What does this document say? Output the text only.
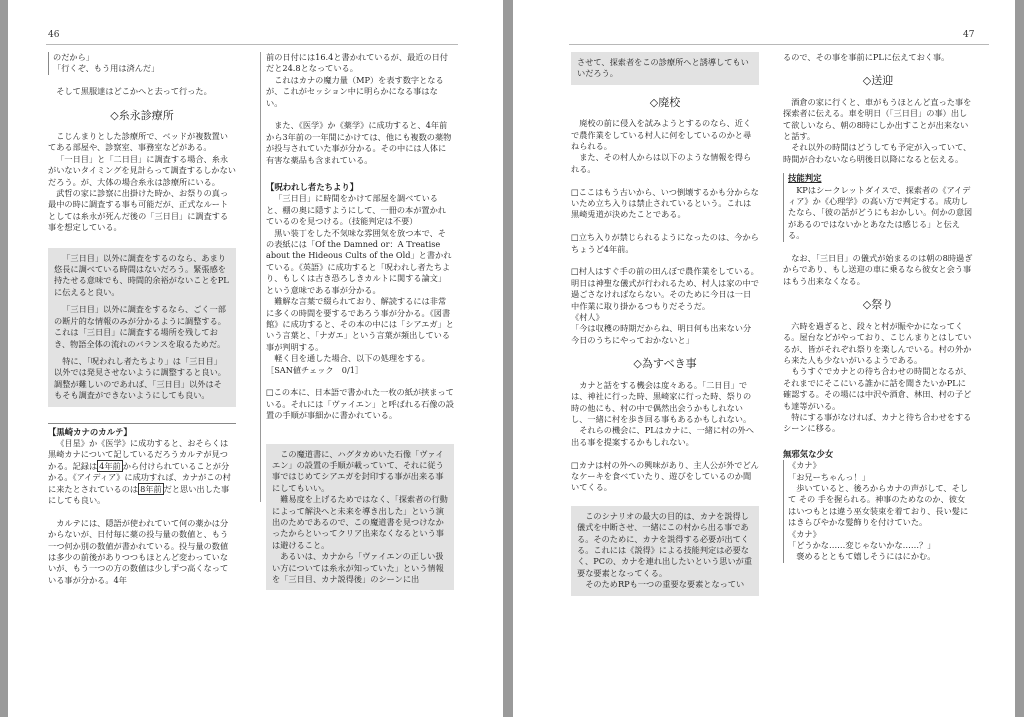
46

のだから」

「行くぞ、もう用は済んだ」

そして黒服達はどこかへと去って行った。

◇糸永診療所

こじんまりとした診療所で、ベッドが複数置いてある部屋や、診察室、事務室などがある。

「一日目」と「二日目」に調査する場合、糸永がいないタイミングを見計らって調査するしかないだろう。が、大体の場合糸永は診療所にいる。

武哲の家に診察に出掛けた時か、お祭りの真っ最中の時に調査する事も可能だが、正式なルートとしては糸永が死んだ後の「三日目」に調査する事を想定している。

「三日目」以外に調査をするのなら、あまり悠長に調べている時間はないだろう。緊張感を持たせる意味でも、時間的余裕がないことをPLに伝えると良い。

「三日目」以外に調査をするなら、ごく一部の断片的な情報のみが分かるように調整する。これは「三日目」に調査する場所を残しておき、物語全体の流れのバランスを取るためだ。

特に、「呪われし者たちより」は「三日目」以外では発見させないように調整すると良い。調整が難しいのであれば、「三日目」以外はそもそも調査ができないようにしても良い。

【黒崎カナのカルテ】

《目星》か《医学》に成功すると、おそらくは黒崎カナについて記しているだろうカルテが見つかる。記録は 4年前 から付けられていることが分かる。《アイディア》に成功すれば、カナがこの村に来たとされているのは 8年前 だと思い出した事にしても良い。

カルテには、隠語が使われていて何の薬かは分からないが、日付毎に薬の投与量の数値と、もう一つ何か別の数値が書かれている。投与量の数値は多少の前後がありつつもほとんど変わっていないが、もう一つの方の数値は少しずつ高くなっている事が分かる。4年

前の日付には16.4と書かれているが、最近の日付だと24.8となっている。

これはカナの魔力量（MP）を表す数字となるが、これがセッション中に明らかになる事はない。

また、《医学》か《薬学》に成功すると、4年前から3年前の一年間にかけては、他にも複数の薬物が投与されていた事が分かる。その中には人体に有害な薬品も含まれている。

【呪われし者たちより】

「三日目」に時間をかけて部屋を調べていると、棚の奥に隠すようにして、一冊の本が置かれているのを見つける。（技能判定は不要）

黒い装丁をした不気味な雰囲気を放つ本で、その表紙には「Of the Damned or：A Treatise about the Hideous Cults of the Old」と書かれている。《英語》に成功すると「呪われし者たちより、もしくは古き恐ろしきカルトに関する論文」という意味である事が分かる。

難解な言葉で綴られており、解読するには非常に多くの時間を要するであろう事が分かる。《図書館》に成功すると、その本の中には「シアエガ」という言葉と、「ナガエ」という言葉が頻出している事が判明する。

軽く目を通した場合、以下の処理をする。

［SAN値チェック　0/1］

□この本に、日本語で書かれた一枚の紙が挟まっている。それには「ヴァイエン」と呼ばれる石像の設置の手順が事細かに書かれている。

この魔道書に、ハグタカめいた石像「ヴァイエン」の設置の手順が載っていて、それに従う事ではじめてシアエガを封印する事が出来る事にしてもいい。

難易度を上げるためではなく、「探索者の行動によって解決へと未来を導き出した」という演出のためであるので、この魔道書を見つけなかったからといってクリア出来なくなるという事は避けること。

あるいは、カナから「ヴァイエンの正しい扱い方については糸永が知っていた」という情報を「三日目、カナ説得後」のシーンに出

47

させて、探索者をこの診療所へと誘導してもいいだろう。

◇廃校

廃校の前に侵入を試みようとするのなら、近くで農作業をしている村人に何をしているのかと尋ねられる。

また、その村人からは以下のような情報を得られる。

□ここはもう古いから、いつ倒壊するかも分からないため立ち入りは禁止されているという。これは黒崎兎道が決めたことである。

□立ち入りが禁じられるようになったのは、今からちょうど4年前。

□村人はすぐ手の前の田んぼで農作業をしている。明日は神聖な儀式が行われるため、村人は家の中で過ごさなければならない。そのために今日は一日中作業に取り掛かるつもりだそうだ。

《村人》

「今は収穫の時期だからね、明日何も出来ない分今日のうちにやっておかないと」

◇為すべき事

カナと話をする機会は度々ある。「二日目」では、神社に行った時、黒崎家に行った時、祭りの時の他にも、村の中で偶然出会うかもしれないし、一緒に村を歩き回る事もあるかもしれない。

それらの機会に、PLはカナに、一緒に村の外へ出る事を提案するかもしれない。

□カナは村の外への興味があり、主人公が外でどんなケーキを食べていたり、遊びをしているのか聞いてくる。

このシナリオの最大の目的は、カナを説得し儀式を中断させ、一緒にこの村から出る事である。そのために、カナを説得する必要が出てくる。これには《説得》による技能判定は必要なく、PCの、カナを連れ出したいという思いが重要な要素となってくる。

そのためRPも一つの重要な要素となってい

るので、その事を事前にPLに伝えておく事。

◇送迎

酒倉の家に行くと、車がもうほとんど直った事を探索者に伝える。車を明日（「三日目」の事）出して欲しいなら、朝の8時にしか出すことが出来ないと話す。

それ以外の時間はどうしても予定が入っていて、時間が合わないなら明後日以降になると伝える。

技能判定

KPはシークレットダイスで、探索者の《アイディア》か《心理学》の高い方で判定する。成功したなら、「彼の話がどうにもおかしい。何かの意図があるのではないかとあなたは感じる」と伝える。

なお、「三日目」の儀式が始まるのは朝の8時過ぎからであり、もし送迎の車に乗るなら彼女と会う事はもう出来なくなる。

◇祭り

六時を過ぎると、段々と村が賑やかになってくる。屋台などがやっており、こじんまりとはしているが、皆がそれぞれ祭りを楽しんでいる。村の外から来た人も少ないがいるようである。

もうすぐでカナとの待ち合わせの時間となるが、それまでにそこにいる誰かに話を聞きたいかPLに確認する。その場には中沢や酒倉、林田、村の子ども達等がいる。

特にする事がなければ、カナと待ち合わせをするシーンに移る。

無邪気な少女

《カナ》

「お兄ーちゃんっ！」

歩いていると、後ろからカナの声がして、そして その 手を握られる。神事のためなのか、彼女はいつもとは違う巫女装束を着ており、長い髪にはきらびやかな髪飾りを付けていた。

《カナ》

「どうかな……変じゃないかな……？」

褒めるとともて嬉しそうにはにかむ。
